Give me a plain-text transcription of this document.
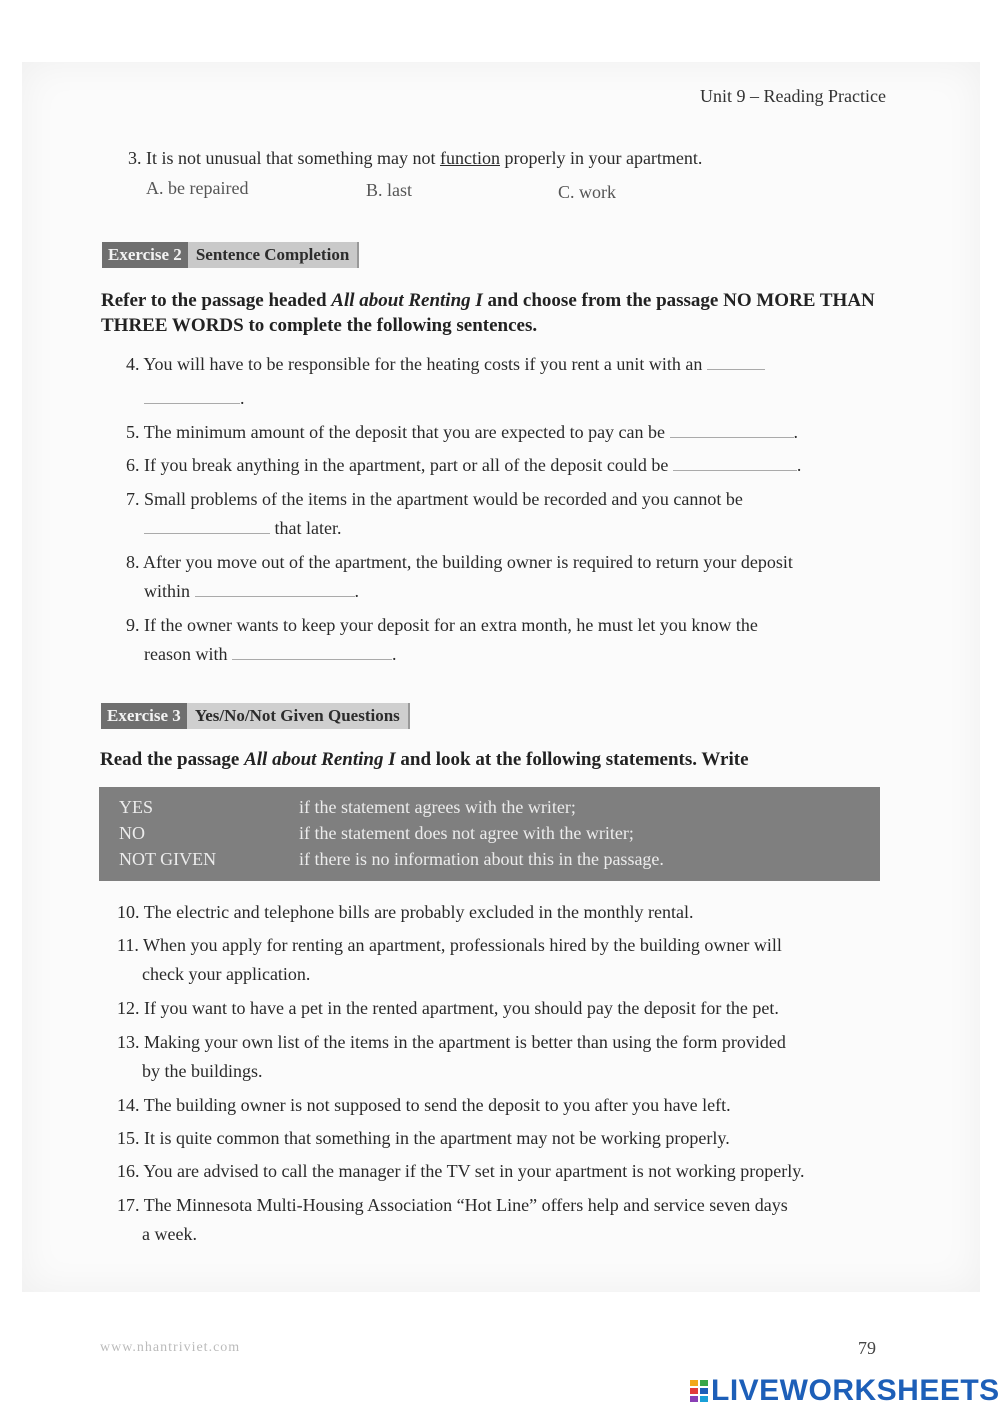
Unit 9 – Reading Practice
3. It is not unusual that something may not function properly in your apartment.
A. be repaired	B. last	C. work
Exercise 2 Sentence Completion
Refer to the passage headed All about Renting I and choose from the passage NO MORE THAN
THREE WORDS to complete the following sentences.
4. You will have to be responsible for the heating costs if you rent a unit with an
.
5. The minimum amount of the deposit that you are expected to pay can be	.
6. If you break anything in the apartment, part or all of the deposit could be	.
7. Small problems of the items in the apartment would be recorded and you cannot be
that later.
8. After you move out of the apartment, the building owner is required to return your deposit
within	.
9. If the owner wants to keep your deposit for an extra month, he must let you know the
reason with	.
Exercise 3 Yes/No/Not Given Questions
Read the passage All about Renting I and look at the following statements. Write
YES	if the statement agrees with the writer;
NO	if the statement does not agree with the writer;
NOT GIVEN	if there is no information about this in the passage.
10. The electric and telephone bills are probably excluded in the monthly rental.
11. When you apply for renting an apartment, professionals hired by the building owner will
check your application.
12. If you want to have a pet in the rented apartment, you should pay the deposit for the pet.
13. Making your own list of the items in the apartment is better than using the form provided
by the buildings.
14. The building owner is not supposed to send the deposit to you after you have left.
15. It is quite common that something in the apartment may not be working properly.
16. You are advised to call the manager if the TV set in your apartment is not working properly.
17. The Minnesota Multi-Housing Association “Hot Line” offers help and service seven days
a week.
www.nhantriviet.com	79
LIVEWORKSHEETS
